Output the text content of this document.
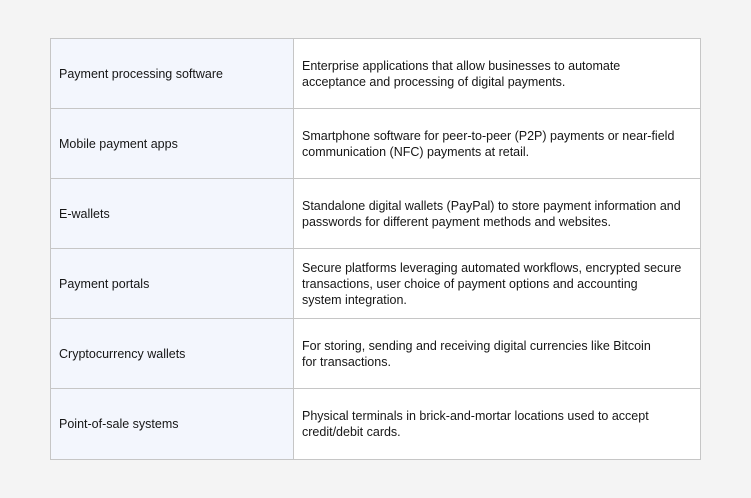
Payment processing software
Enterprise applications that allow businesses to automate
acceptance and processing of digital payments.
Mobile payment apps
Smartphone software for peer-to-peer (P2P) payments or near-field
communication (NFC) payments at retail.
E-wallets
Standalone digital wallets (PayPal) to store payment information and
passwords for different payment methods and websites.
Payment portals
Secure platforms leveraging automated workflows, encrypted secure
transactions, user choice of payment options and accounting
system integration.
Cryptocurrency wallets
For storing, sending and receiving digital currencies like Bitcoin
for transactions.
Point-of-sale systems
Physical terminals in brick-and-mortar locations used to accept
credit/debit cards.
